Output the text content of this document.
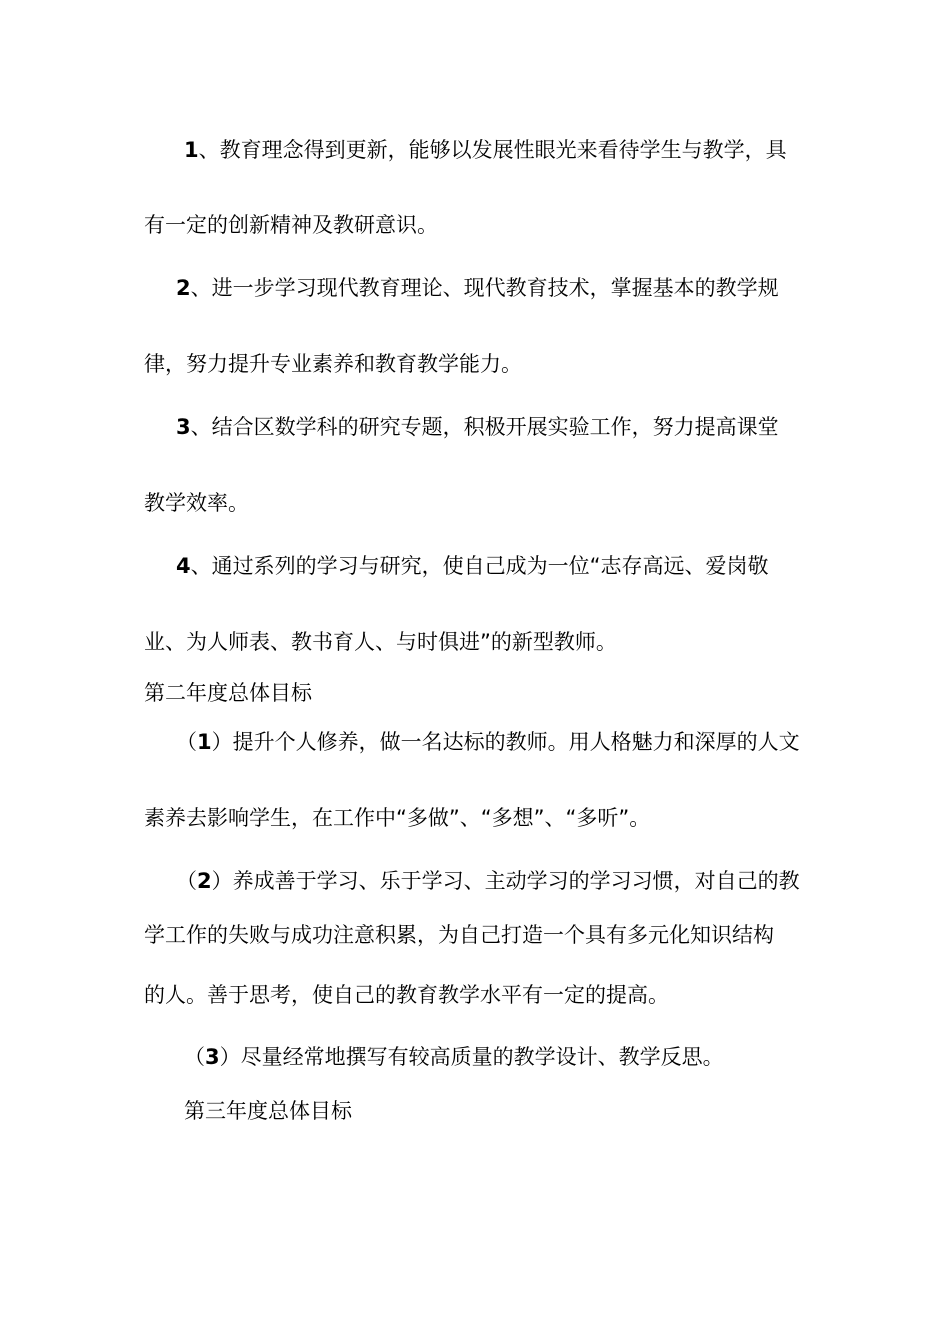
1、教育理念得到更新，能够以发展性眼光来看待学生与教学，具
有一定的创新精神及教研意识。
2、进一步学习现代教育理论、现代教育技术，掌握基本的教学规
律，努力提升专业素养和教育教学能力。
3、结合区数学科的研究专题，积极开展实验工作，努力提高课堂
教学效率。
4、通过系列的学习与研究，使自己成为一位“志存高远、爱岗敬
业、为人师表、教书育人、与时俱进”的新型教师。
第二年度总体目标
（1）提升个人修养，做一名达标的教师。用人格魅力和深厚的人文
素养去影响学生，在工作中“多做”、“多想”、“多听”。
（2）养成善于学习、乐于学习、主动学习的学习习惯，对自己的教
学工作的失败与成功注意积累，为自己打造一个具有多元化知识结构
的人。善于思考，使自己的教育教学水平有一定的提高。
（3）尽量经常地撰写有较高质量的教学设计、教学反思。
第三年度总体目标
